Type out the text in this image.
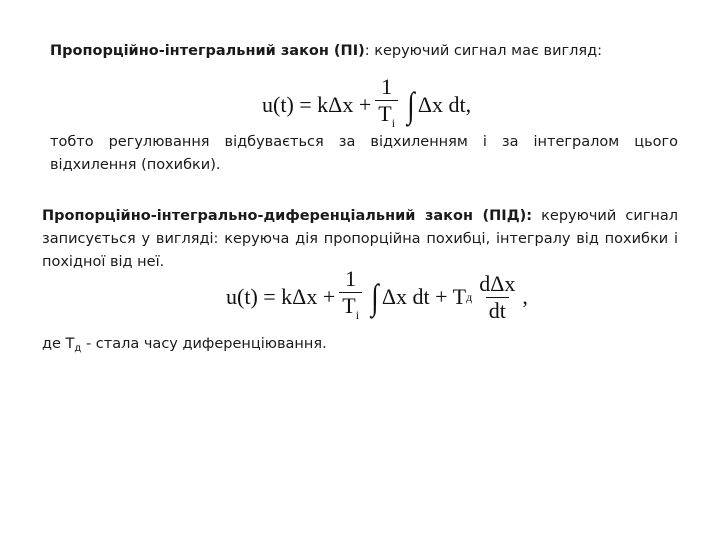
Пропорційно-інтегральний закон (ПІ): керуючий сигнал має вигляд:
$u(t) = k\Delta x + \frac{1}{T_i}$ ∫ Δx dt,
тобто регулювання відбувається за відхиленням і за інтегралом цього відхилення (похибки).
Пропорційно-інтегрально-диференціальний закон (ПІД): керуючий сигнал записується у вигляді: керуюча дія пропорційна похибці, інтегралу від похибки і похідної від неї.
$u(t) = k\Delta x + \frac{1}{T_i}$ ∫ Δx dt + T д $\frac{\text{dΔx}}{dt}$ ,
де $Т_д$ - стала часу диференціювання.
